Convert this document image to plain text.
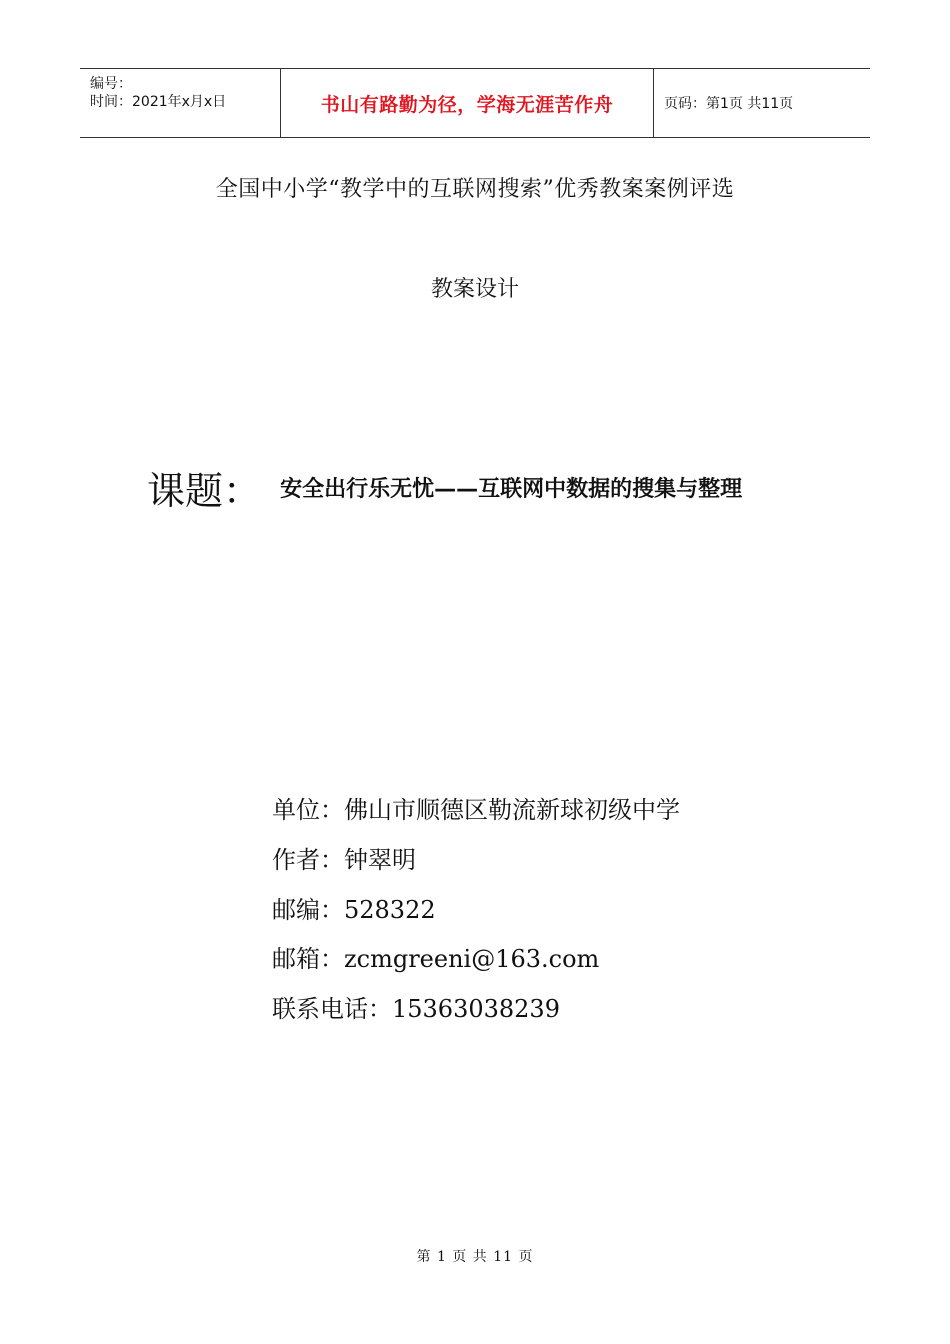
编号：
时间：2021年x月x日	书山有路勤为径，学海无涯苦作舟	页码：第1页 共11页
全国中小学“教学中的互联网搜索”优秀教案案例评选
教案设计
课题： 安全出行乐无忧——互联网中数据的搜集与整理
单位：佛山市顺德区勒流新球初级中学
作者：钟翠明
邮编：528322
邮箱：zcmgreeni@163.com
联系电话：15363038239
第 1 页 共 11 页
